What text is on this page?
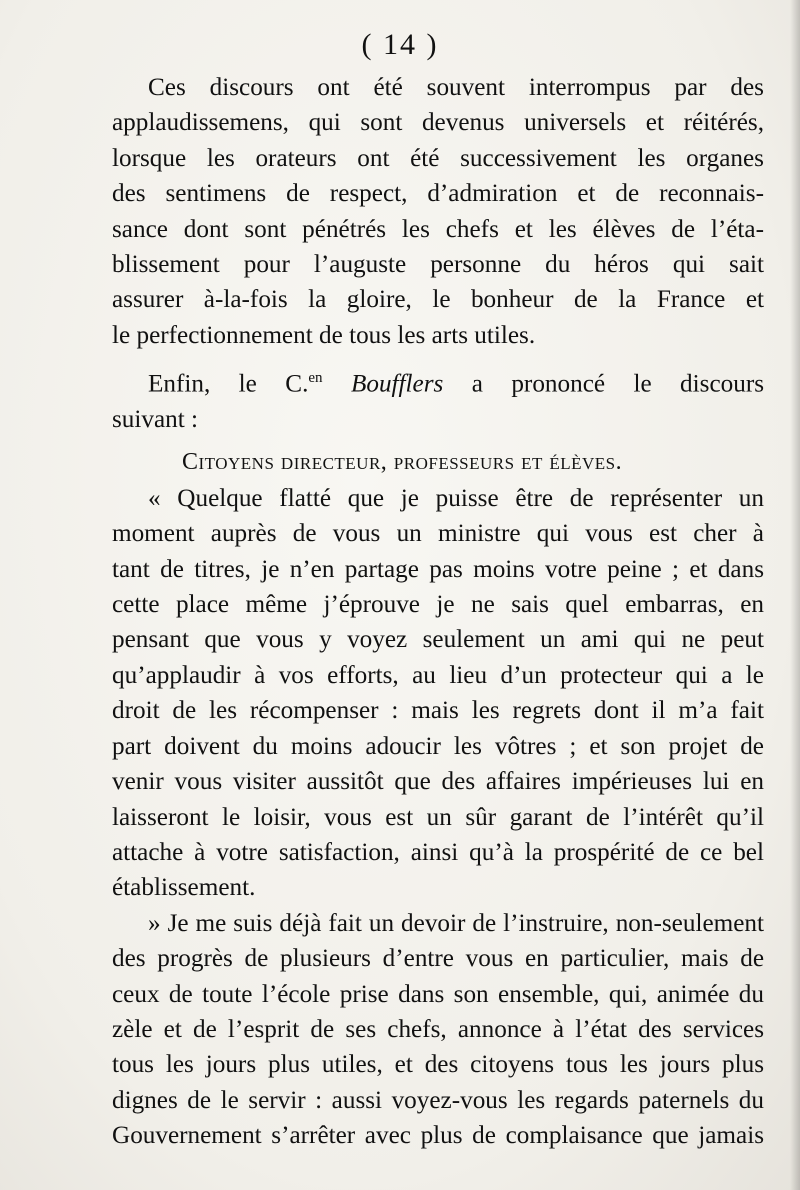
( 14 )
Ces discours ont été souvent interrompus par des
applaudissemens, qui sont devenus universels et réitérés,
lorsque les orateurs ont été successivement les organes
des sentimens de respect, d’admiration et de reconnais-
sance dont sont pénétrés les chefs et les élèves de l’éta-
blissement pour l’auguste personne du héros qui sait
assurer à-la-fois la gloire, le bonheur de la France et
le perfectionnement de tous les arts utiles.
Enfin, le C.$^{en}$ Boufflers a prononcé le discours
suivant :
Citoyens directeur, professeurs et élèves.
« Quelque flatté que je puisse être de représenter un
moment auprès de vous un ministre qui vous est cher à
tant de titres, je n’en partage pas moins votre peine ; et dans
cette place même j’éprouve je ne sais quel embarras, en
pensant que vous y voyez seulement un ami qui ne peut
qu’applaudir à vos efforts, au lieu d’un protecteur qui a le
droit de les récompenser : mais les regrets dont il m’a fait
part doivent du moins adoucir les vôtres ; et son projet de
venir vous visiter aussitôt que des affaires impérieuses lui en
laisseront le loisir, vous est un sûr garant de l’intérêt qu’il
attache à votre satisfaction, ainsi qu’à la prospérité de ce bel
établissement.
» Je me suis déjà fait un devoir de l’instruire, non-seulement
des progrès de plusieurs d’entre vous en particulier, mais de
ceux de toute l’école prise dans son ensemble, qui, animée du
zèle et de l’esprit de ses chefs, annonce à l’état des services
tous les jours plus utiles, et des citoyens tous les jours plus
dignes de le servir : aussi voyez-vous les regards paternels du
Gouvernement s’arrêter avec plus de complaisance que jamais
